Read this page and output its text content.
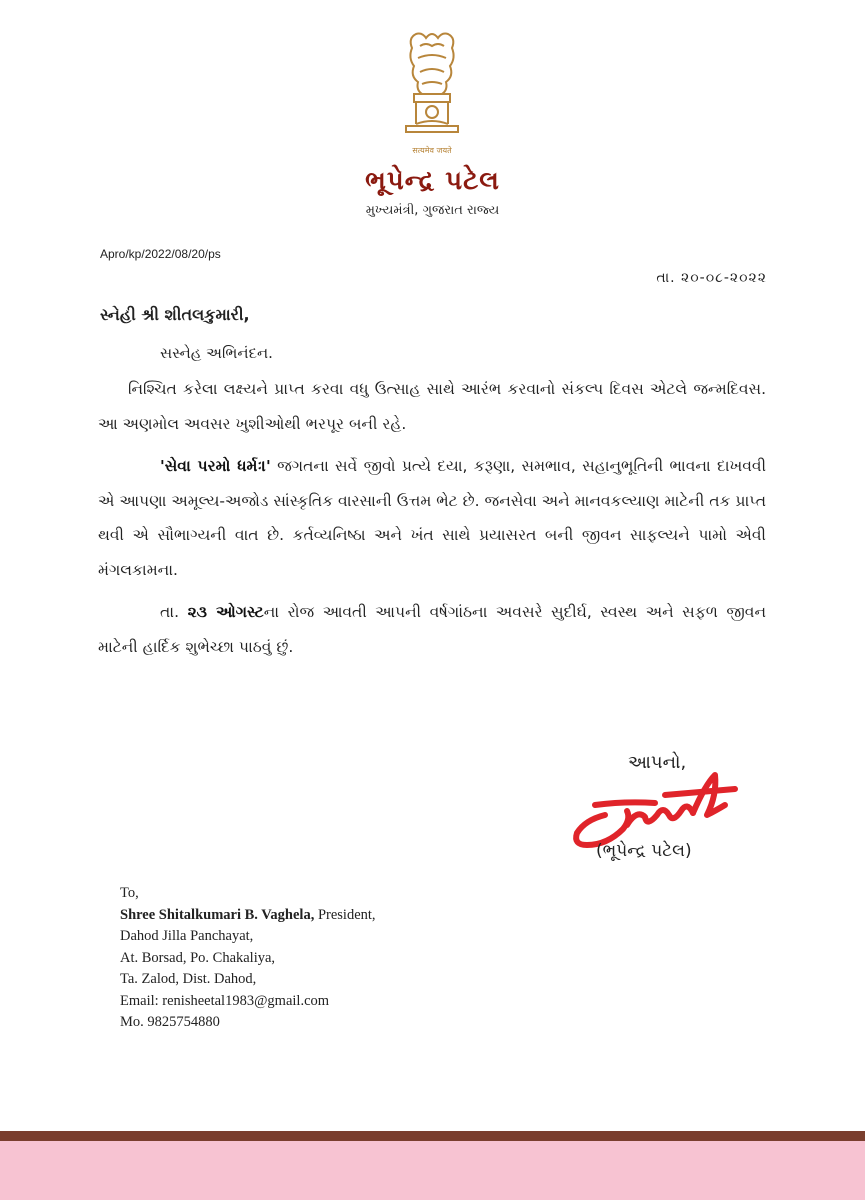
सत्यमेव जयते
ભૂપેન્દ્ર પટેલ
મુખ્યમંત્રી, ગુજરાત રાજ્ય
Apro/kp/2022/08/20/ps
તા. ૨૦-૦૮-૨૦૨૨
સ્નેહી શ્રી શીતલકુમારી,
સસ્નેહ અભિનંદન.

નિશ્ચિત કરેલા લક્ષ્યને પ્રાપ્ત કરવા વધુ ઉત્સાહ સાથે આરંભ કરવાનો સંકલ્પ દિવસ એટલે જન્મદિવસ. આ અણમોલ અવસર ખુશીઓથી ભરપૂર બની રહે.

'સેવા પરમો ધર્મઃ।' જગતના સર્વે જીવો પ્રત્યે દયા, કરૂણા, સમભાવ, સહાનુભૂતિની ભાવના દાખવવી એ આપણા અમૂલ્ય-અજોડ સાંસ્કૃતિક વારસાની ઉત્તમ ભેટ છે. જનસેવા અને માનવકલ્યાણ માટેની તક પ્રાપ્ત થવી એ સૌભાગ્યની વાત છે. કર્તવ્યનિષ્ઠા અને ખંત સાથે પ્રયાસરત બની જીવન સાફલ્યને પામો એવી મંગલકામના.

તા. ૨૩ ઓગસ્ટના રોજ આવતી આપની વર્ષગાંઠના અવસરે સુદીર્ઘ, સ્વસ્થ અને સફળ જીવન માટેની હાર્દિક શુભેચ્છા પાઠવું છું.

આપનો,
(ભૂપેન્દ્ર પટેલ)
To,
Shree Shitalkumari B. Vaghela, President,
Dahod Jilla Panchayat,
At. Borsad, Po. Chakaliya,
Ta. Zalod, Dist. Dahod,
Email: renisheetal1983@gmail.com
Mo. 9825754880
